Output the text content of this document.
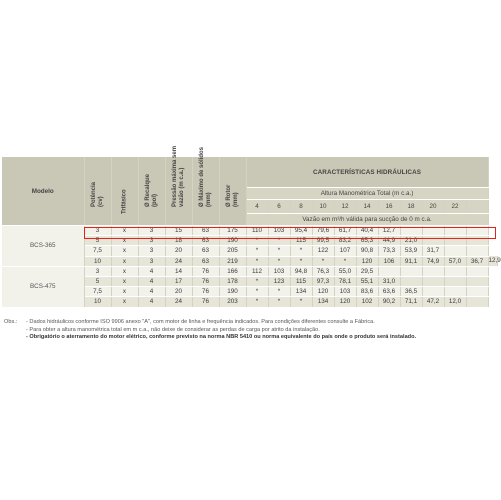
Modelo	Potência
(cv)	Trifásico	Ø Recalque
(pol)	Pressão máxima sem
vazão (m c.a.)	Ø Máximo de sólidos
(mm)	Ø Rotor
(mm)	CARACTERÍSTICAS HIDRÁULICAS											
							Altura Manométrica Total (m c.a.)											
							4	6	8	10	12	14	16	18	20	22		
							Vazão em m³/h válida para sucção de 0 m c.a.											
BCS-365	3	x	3	15	63	175	110	103	95,4	79,6	61,7	40,4	12,7					
	5	x	3	18	63	190	*	*	115	99,5	83,2	65,3	44,9	21,0				
	7,5	x	3	20	63	205	*	*	*	122	107	90,8	73,3	53,9	31,7			
	10	x	3	24	63	219	*	*	*	*	*	120	106	91,1	74,9	57,0	36,7	12,9
BCS-475	3	x	4	14	76	166	112	103	94,8	76,3	55,0	29,5						
	5	x	4	17	76	178	*	123	115	97,3	78,1	55,1	31,0					
	7,5	x	4	20	76	190	*	*	134	120	103	83,6	63,6	36,5				
	10	x	4	24	76	203	*	*	*	134	120	102	90,2	71,1	47,2	12,0		
Obs.:	- Dados hidráulicos conforme ISO 9906 anexo "A", com motor de linha e frequência indicados. Para condições diferentes consulte a Fábrica.
- Para obter a altura manométrica total em m c.a., não deixe de considerar as perdas de carga por atrito da instalação.
- Obrigatório o aterramento do motor elétrico, conforme previsto na norma NBR 5410 ou norma equivalente do país onde o produto será instalado.
